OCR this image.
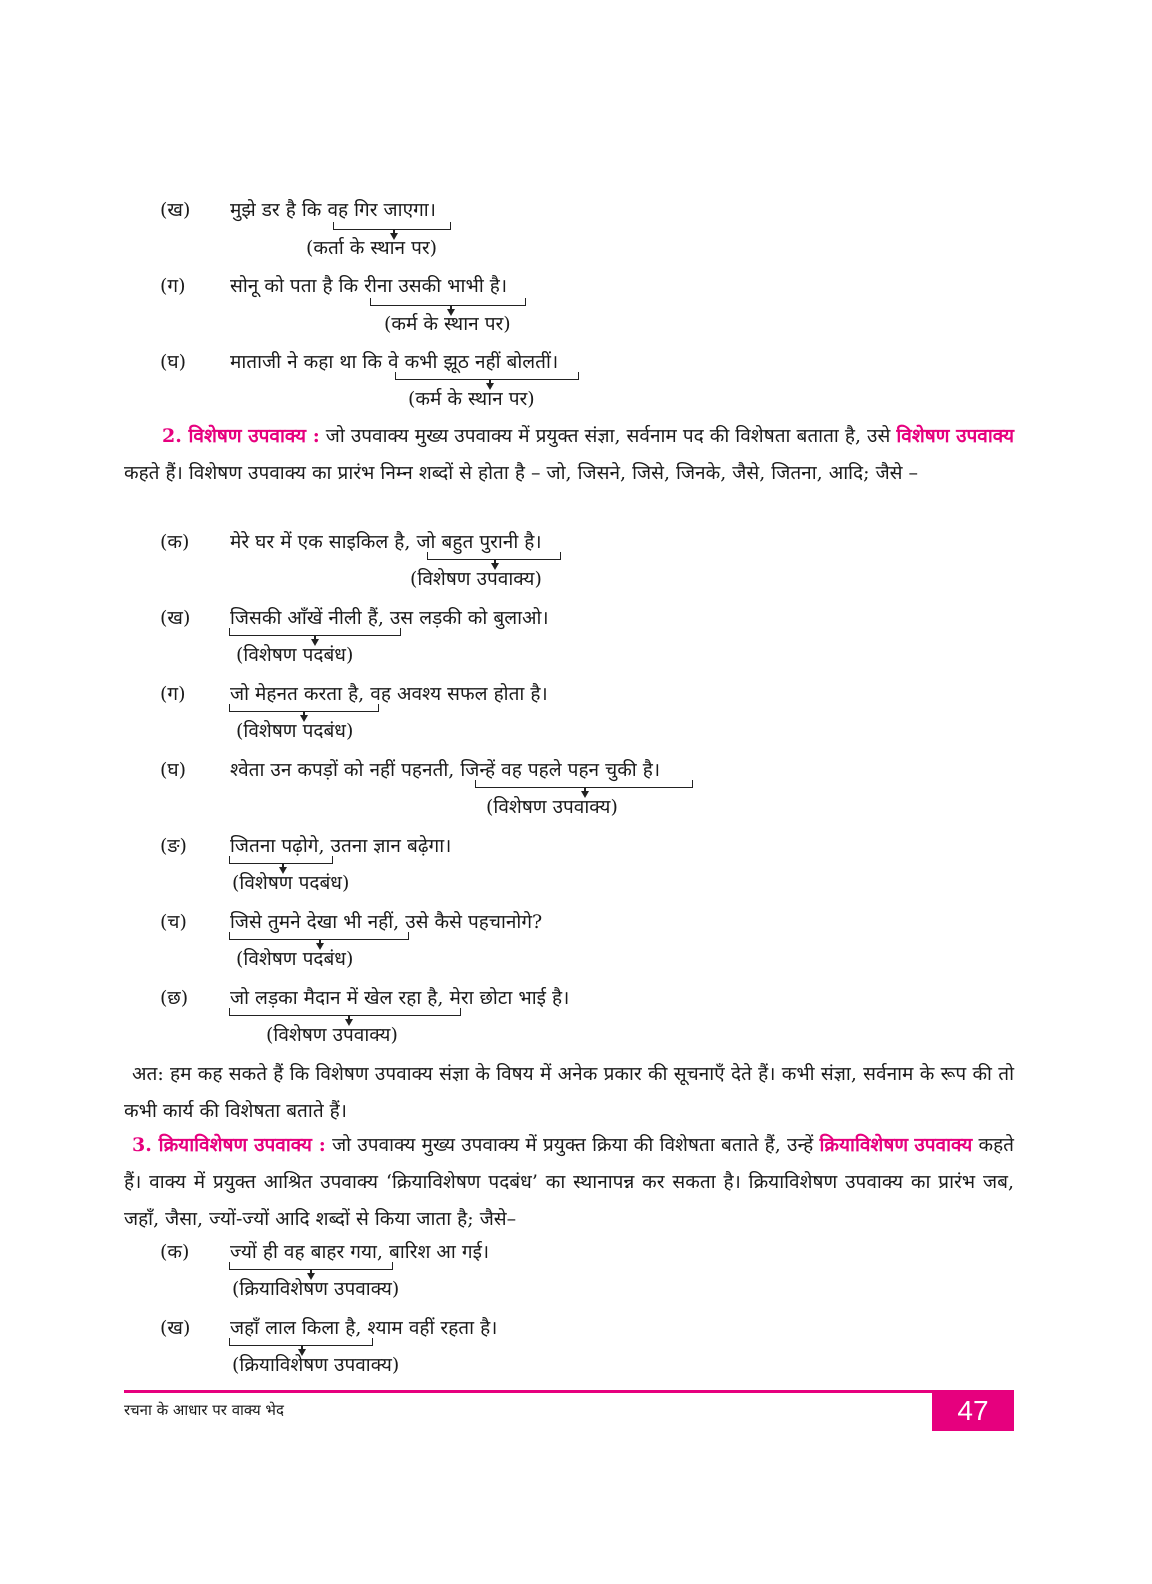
(ख) मुझे डर है कि वह गिर जाएगा।
(कर्ता के स्थान पर)
(ग) सोनू को पता है कि रीना उसकी भाभी है।
(कर्म के स्थान पर)
(घ) माताजी ने कहा था कि वे कभी झूठ नहीं बोलतीं।
(कर्म के स्थान पर)
2. विशेषण उपवाक्य : जो उपवाक्य मुख्य उपवाक्य में प्रयुक्त संज्ञा, सर्वनाम पद की विशेषता बताता है, उसे विशेषण उपवाक्य कहते हैं। विशेषण उपवाक्य का प्रारंभ निम्न शब्दों से होता है – जो, जिसने, जिसे, जिनके, जैसे, जितना, आदि; जैसे –
(क) मेरे घर में एक साइकिल है, जो बहुत पुरानी है।
(विशेषण उपवाक्य)
(ख) जिसकी आँखें नीली हैं, उस लड़की को बुलाओ।
(विशेषण पदबंध)
(ग) जो मेहनत करता है, वह अवश्य सफल होता है।
(विशेषण पदबंध)
(घ) श्वेता उन कपड़ों को नहीं पहनती, जिन्हें वह पहले पहन चुकी है।
(विशेषण उपवाक्य)
(ङ) जितना पढ़ोगे, उतना ज्ञान बढ़ेगा।
(विशेषण पदबंध)
(च) जिसे तुमने देखा भी नहीं, उसे कैसे पहचानोगे?
(विशेषण पदबंध)
(छ) जो लड़का मैदान में खेल रहा है, मेरा छोटा भाई है।
(विशेषण उपवाक्य)
अत: हम कह सकते हैं कि विशेषण उपवाक्य संज्ञा के विषय में अनेक प्रकार की सूचनाएँ देते हैं। कभी संज्ञा, सर्वनाम के रूप की तो कभी कार्य की विशेषता बताते हैं।
3. क्रियाविशेषण उपवाक्य : जो उपवाक्य मुख्य उपवाक्य में प्रयुक्त क्रिया की विशेषता बताते हैं, उन्हें क्रियाविशेषण उपवाक्य कहते हैं। वाक्य में प्रयुक्त आश्रित उपवाक्य ‘क्रियाविशेषण पदबंध’ का स्थानापन्न कर सकता है। क्रियाविशेषण उपवाक्य का प्रारंभ जब, जहाँ, जैसा, ज्यों-ज्यों आदि शब्दों से किया जाता है; जैसे–
(क) ज्यों ही वह बाहर गया, बारिश आ गई।
(क्रियाविशेषण उपवाक्य)
(ख) जहाँ लाल किला है, श्याम वहीं रहता है।
(क्रियाविशेषण उपवाक्य)
रचना के आधार पर वाक्य भेद	47
